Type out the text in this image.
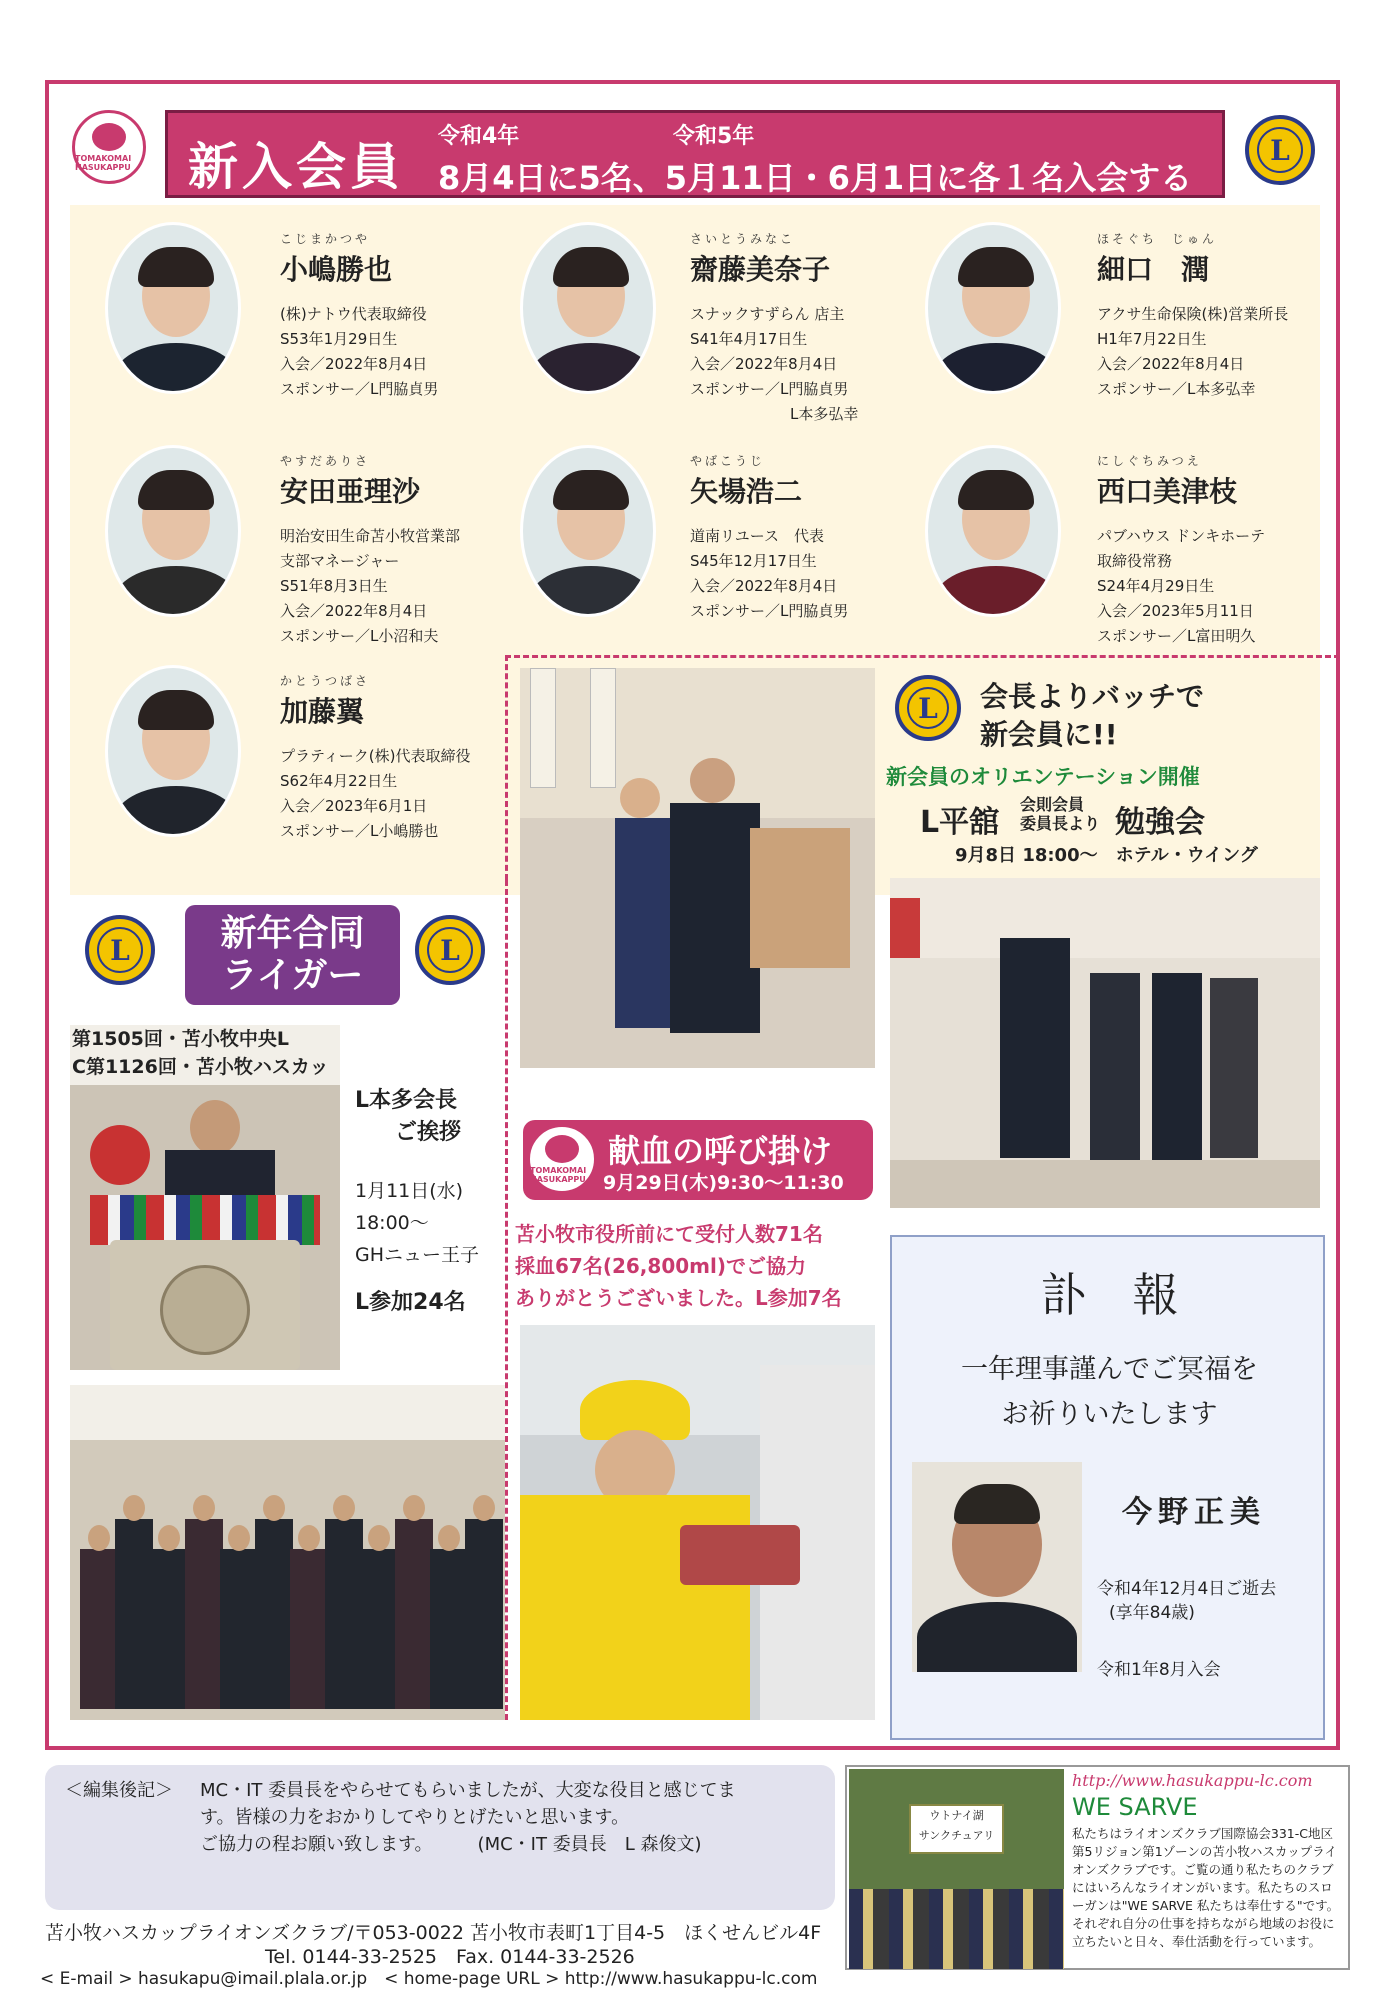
TOMAKOMAI HASUKAPPU 新入会員
令和4年	令和5年
8月4日に5名、5月11日・6月1日に各１名入会する
L
こじまかつや
小嶋勝也
(株)ナトウ代表取締役
S53年1月29日生
入会／2022年8月4日
スポンサー／L門脇貞男
さいとうみなこ
齋藤美奈子
スナックすずらん 店主
S41年4月17日生
入会／2022年8月4日
スポンサー／L門脇貞男
L本多弘幸
ほそぐち　じゅん
細口　潤
アクサ生命保険(株)営業所長
H1年7月22日生
入会／2022年8月4日
スポンサー／L本多弘幸
やすだありさ
安田亜理沙
明治安田生命苫小牧営業部
支部マネージャー
S51年8月3日生
入会／2022年8月4日
スポンサー／L小沼和夫
やばこうじ
矢場浩二
道南リユース　代表
S45年12月17日生
入会／2022年8月4日
スポンサー／L門脇貞男
にしぐちみつえ
西口美津枝
パブハウス ドンキホーテ
取締役常務
S24年4月29日生
入会／2023年5月11日
スポンサー／L富田明久
かとうつばさ
加藤翼
プラティーク(株)代表取締役
S62年4月22日生
入会／2023年6月1日
スポンサー／L小嶋勝也
L 会長よりバッチで
新会員に!!
新会員のオリエンテーション開催
L平舘
会則会員
委員長より 勉強会
9月8日 18:00～　ホテル・ウイング
L	新年合同
ライガー
L
第1505回・苫小牧中央L
C第1126回・苫小牧ハスカッ
L本多会長
ご挨拶
1月11日(水)
18:00～
GHニュー王子
L参加24名
TOMAKOMAI HASUKAPPU
献血の呼び掛け
9月29日(木)9:30～11:30
苫小牧市役所前にて受付人数71名
採血67名(26,800ml)でご協力
ありがとうございました。L参加7名	訃　報
一年理事謹んでご冥福を
お祈りいたします
今野正美
令和4年12月4日ご逝去
(享年84歳)
令和1年8月入会
＜編集後記＞ MC・IT 委員長をやらせてもらいましたが、大変な役目と感じてま
す。皆様の力をおかりしてやりとげたいと思います。
ご協力の程お願い致します。　　　(MC・IT 委員長　L 森俊文)
苫小牧ハスカップライオンズクラブ/〒053-0022 苫小牧市表町1丁目4-5　ほくせんビル4F
Tel. 0144-33-2525　Fax. 0144-33-2526
< E-mail > hasukapu@imail.plala.or.jp　< home-page URL > http://www.hasukappu-lc.com
ウトナイ湖
サンクチュアリ
http://www.hasukappu-lc.com
WE SARVE
私たちはライオンズクラブ国際協会331-C地区第5リジョン第1ゾーンの苫小牧ハスカップライオンズクラブです。ご覧の通り私たちのクラブにはいろんなライオンがいます。私たちのスローガンは"WE SARVE 私たちは奉仕する"です。それぞれ自分の仕事を持ちながら地域のお役に立ちたいと日々、奉仕活動を行っています。
